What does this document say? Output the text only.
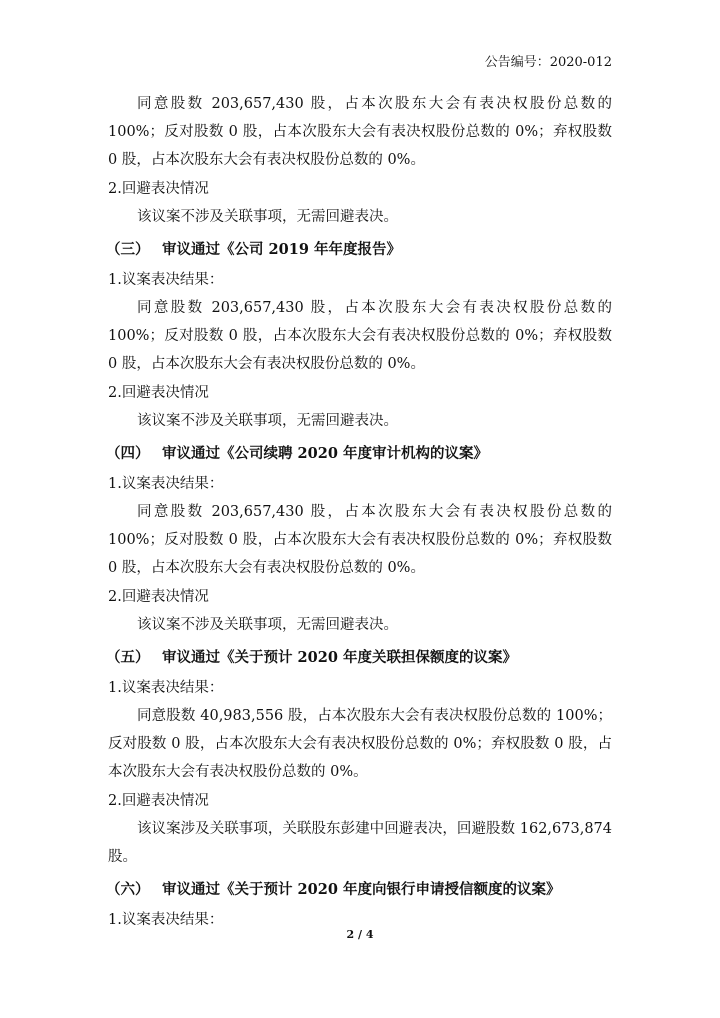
公告编号：2020-012

同意股数 203,657,430 股，占本次股东大会有表决权股份总数的 100%；反对股数 0 股，占本次股东大会有表决权股份总数的 0%；弃权股数 0 股，占本次股东大会有表决权股份总数的 0%。

2.回避表决情况

该议案不涉及关联事项，无需回避表决。

（三） 审议通过《公司 2019 年年度报告》

1.议案表决结果：

同意股数 203,657,430 股，占本次股东大会有表决权股份总数的 100%；反对股数 0 股，占本次股东大会有表决权股份总数的 0%；弃权股数 0 股，占本次股东大会有表决权股份总数的 0%。

2.回避表决情况

该议案不涉及关联事项，无需回避表决。

（四） 审议通过《公司续聘 2020 年度审计机构的议案》

1.议案表决结果：

同意股数 203,657,430 股，占本次股东大会有表决权股份总数的 100%；反对股数 0 股，占本次股东大会有表决权股份总数的 0%；弃权股数 0 股，占本次股东大会有表决权股份总数的 0%。

2.回避表决情况

该议案不涉及关联事项，无需回避表决。

（五） 审议通过《关于预计 2020 年度关联担保额度的议案》

1.议案表决结果：

同意股数 40,983,556 股，占本次股东大会有表决权股份总数的 100%；反对股数 0 股，占本次股东大会有表决权股份总数的 0%；弃权股数 0 股，占本次股东大会有表决权股份总数的 0%。

2.回避表决情况

该议案涉及关联事项，关联股东彭建中回避表决，回避股数 162,673,874 股。

（六） 审议通过《关于预计 2020 年度向银行申请授信额度的议案》

1.议案表决结果：

2 / 4
